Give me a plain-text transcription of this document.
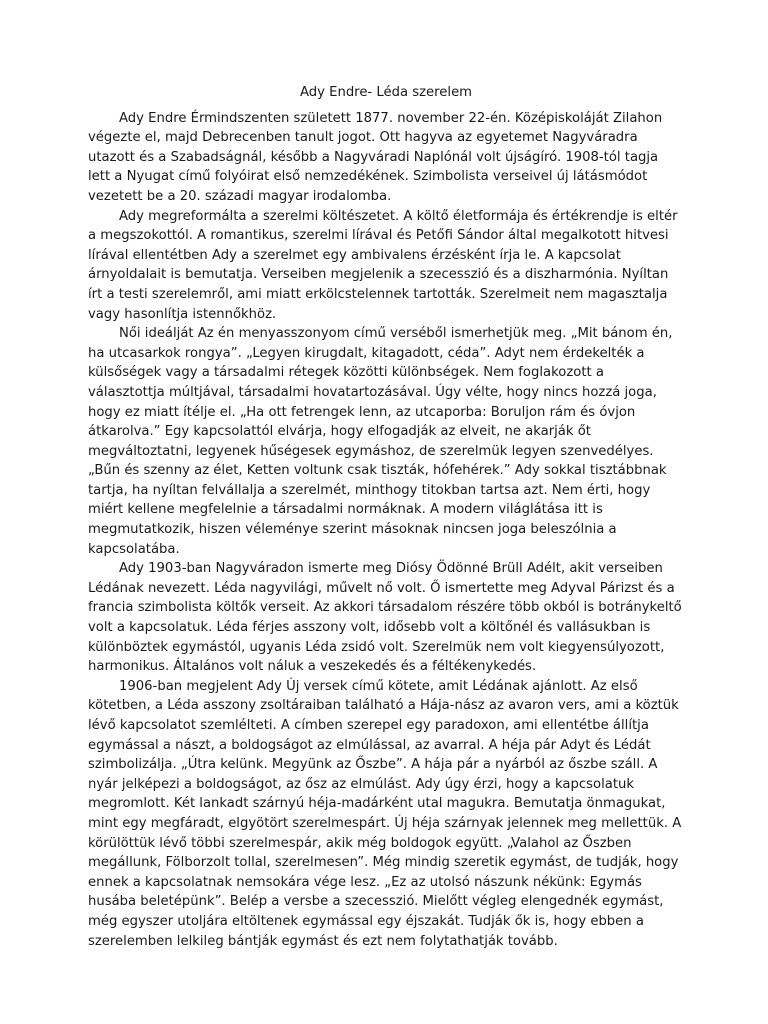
Ady Endre- Léda szerelem

Ady Endre Érmindszenten született 1877. november 22-én. Középiskoláját Zilahon végezte el, majd Debrecenben tanult jogot. Ott hagyva az egyetemet Nagyváradra utazott és a Szabadságnál, később a Nagyváradi Naplónál volt újságíró. 1908-tól tagja lett a Nyugat című folyóirat első nemzedékének. Szimbolista verseivel új látásmódot vezetett be a 20. századi magyar irodalomba.

Ady megreformálta a szerelmi költészetet. A költő életformája és értékrendje is eltér a megszokottól. A romantikus, szerelmi lírával és Petőfi Sándor által megalkotott hitvesi lírával ellentétben Ady a szerelmet egy ambivalens érzésként írja le. A kapcsolat árnyoldalait is bemutatja. Verseiben megjelenik a szecesszió és a diszharmónia. Nyíltan írt a testi szerelemről, ami miatt erkölcstelennek tartották. Szerelmeit nem magasztalja vagy hasonlítja istennőkhöz.

Női ideálját Az én menyasszonyom című verséből ismerhetjük meg. „Mit bánom én, ha utcasarkok rongya”. „Legyen kirugdalt, kitagadott, céda”. Adyt nem érdekelték a külsőségek vagy a társadalmi rétegek közötti különbségek. Nem foglakozott a választottja múltjával, társadalmi hovatartozásával. Úgy vélte, hogy nincs hozzá joga, hogy ez miatt ítélje el. „Ha ott fetrengek lenn, az utcaporba: Boruljon rám és óvjon átkarolva.” Egy kapcsolattól elvárja, hogy elfogadják az elveit, ne akarják őt megváltoztatni, legyenek hűségesek egymáshoz, de szerelmük legyen szenvedélyes. „Bűn és szenny az élet, Ketten voltunk csak tiszták, hófehérek.” Ady sokkal tisztábbnak tartja, ha nyíltan felvállalja a szerelmét, minthogy titokban tartsa azt. Nem érti, hogy miért kellene megfelelnie a társadalmi normáknak. A modern világlátása itt is megmutatkozik, hiszen véleménye szerint másoknak nincsen joga beleszólnia a kapcsolatába.

Ady 1903-ban Nagyváradon ismerte meg Diósy Ödönné Brüll Adélt, akit verseiben Lédának nevezett. Léda nagyvilági, művelt nő volt. Ő ismertette meg Adyval Párizst és a francia szimbolista költők verseit. Az akkori társadalom részére több okból is botránykeltő volt a kapcsolatuk. Léda férjes asszony volt, idősebb volt a költőnél és vallásukban is különböztek egymástól, ugyanis Léda zsidó volt. Szerelmük nem volt kiegyensúlyozott, harmonikus. Általános volt náluk a veszekedés és a féltékenykedés.

1906-ban megjelent Ady Új versek című kötete, amit Lédának ajánlott. Az első kötetben, a Léda asszony zsoltáraiban található a Hája-nász az avaron vers, ami a köztük lévő kapcsolatot szemlélteti. A címben szerepel egy paradoxon, ami ellentétbe állítja egymással a nászt, a boldogságot az elmúlással, az avarral. A héja pár Adyt és Lédát szimbolizálja. „Útra kelünk. Megyünk az Őszbe”. A hája pár a nyárból az őszbe száll. A nyár jelképezi a boldogságot, az ősz az elmúlást. Ady úgy érzi, hogy a kapcsolatuk megromlott. Két lankadt szárnyú héja-madárként utal magukra. Bemutatja önmagukat, mint egy megfáradt, elgyötört szerelmespárt. Új héja szárnyak jelennek meg mellettük. A körülöttük lévő többi szerelmespár, akik még boldogok együtt. „Valahol az Őszben megállunk, Fölborzolt tollal, szerelmesen”. Még mindig szeretik egymást, de tudják, hogy ennek a kapcsolatnak nemsokára vége lesz. „Ez az utolsó nászunk nékünk: Egymás husába beletépünk”. Belép a versbe a szecesszió. Mielőtt végleg elengednék egymást, még egyszer utoljára eltöltenek egymással egy éjszakát. Tudják ők is, hogy ebben a szerelemben lelkileg bántják egymást és ezt nem folytathatják tovább.
